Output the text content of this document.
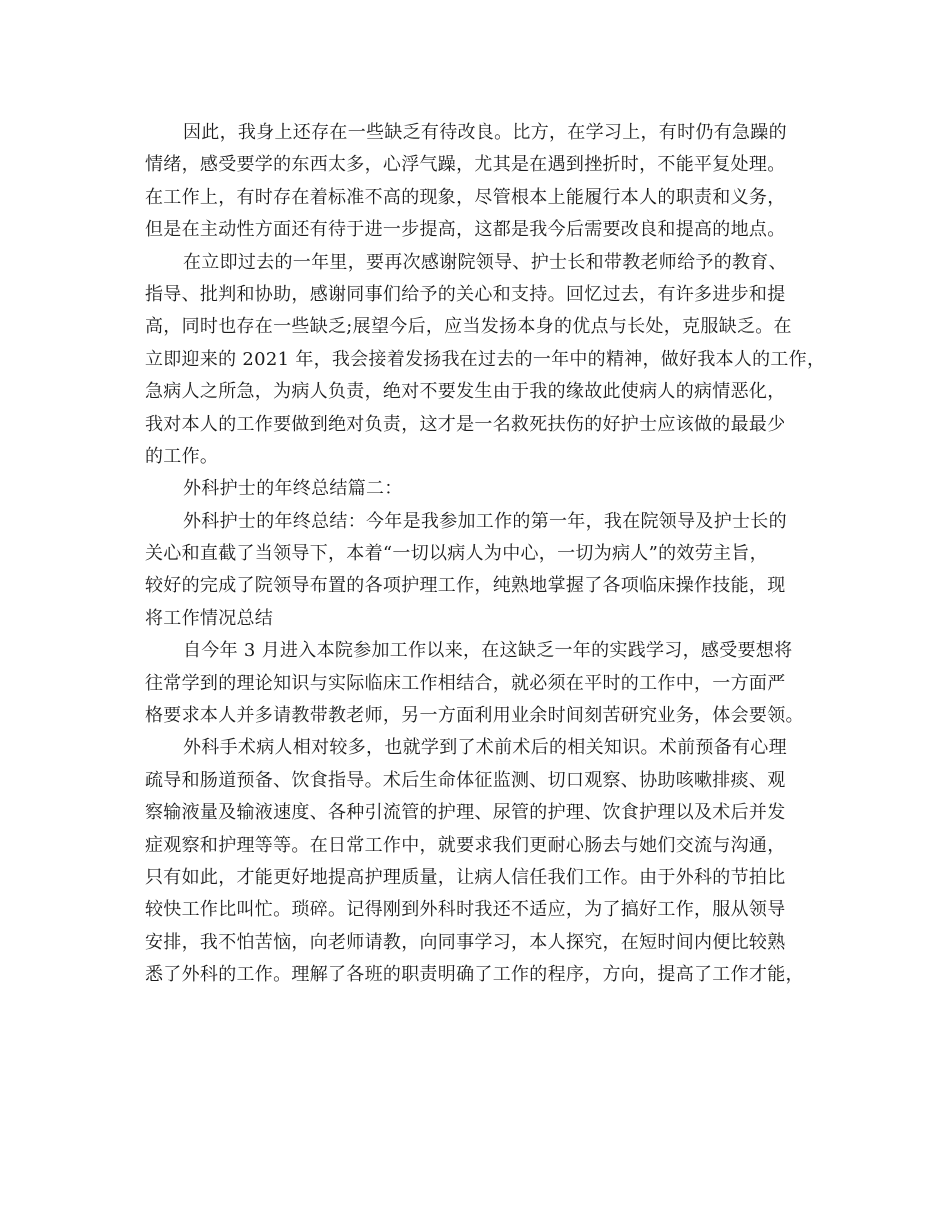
因此，我身上还存在一些缺乏有待改良。比方，在学习上，有时仍有急躁的
情绪，感受要学的东西太多，心浮气躁，尤其是在遇到挫折时，不能平复处理。
在工作上，有时存在着标准不高的现象，尽管根本上能履行本人的职责和义务，
但是在主动性方面还有待于进一步提高，这都是我今后需要改良和提高的地点。
在立即过去的一年里，要再次感谢院领导、护士长和带教老师给予的教育、
指导、批判和协助，感谢同事们给予的关心和支持。回忆过去，有许多进步和提
高，同时也存在一些缺乏;展望今后，应当发扬本身的优点与长处，克服缺乏。在
立即迎来的 2021 年，我会接着发扬我在过去的一年中的精神，做好我本人的工作，
急病人之所急，为病人负责，绝对不要发生由于我的缘故此使病人的病情恶化，
我对本人的工作要做到绝对负责，这才是一名救死扶伤的好护士应该做的最最少
的工作。
外科护士的年终总结篇二：
外科护士的年终总结：今年是我参加工作的第一年，我在院领导及护士长的
关心和直截了当领导下，本着“一切以病人为中心，一切为病人”的效劳主旨，
较好的完成了院领导布置的各项护理工作，纯熟地掌握了各项临床操作技能，现
将工作情况总结
自今年 3 月进入本院参加工作以来，在这缺乏一年的实践学习，感受要想将
往常学到的理论知识与实际临床工作相结合，就必须在平时的工作中，一方面严
格要求本人并多请教带教老师，另一方面利用业余时间刻苦研究业务，体会要领。
外科手术病人相对较多，也就学到了术前术后的相关知识。术前预备有心理
疏导和肠道预备、饮食指导。术后生命体征监测、切口观察、协助咳嗽排痰、观
察输液量及输液速度、各种引流管的护理、尿管的护理、饮食护理以及术后并发
症观察和护理等等。在日常工作中，就要求我们更耐心肠去与她们交流与沟通，
只有如此，才能更好地提高护理质量，让病人信任我们工作。由于外科的节拍比
较快工作比叫忙。琐碎。记得刚到外科时我还不适应，为了搞好工作，服从领导
安排，我不怕苦恼，向老师请教，向同事学习，本人探究，在短时间内便比较熟
悉了外科的工作。理解了各班的职责明确了工作的程序，方向，提高了工作才能，
